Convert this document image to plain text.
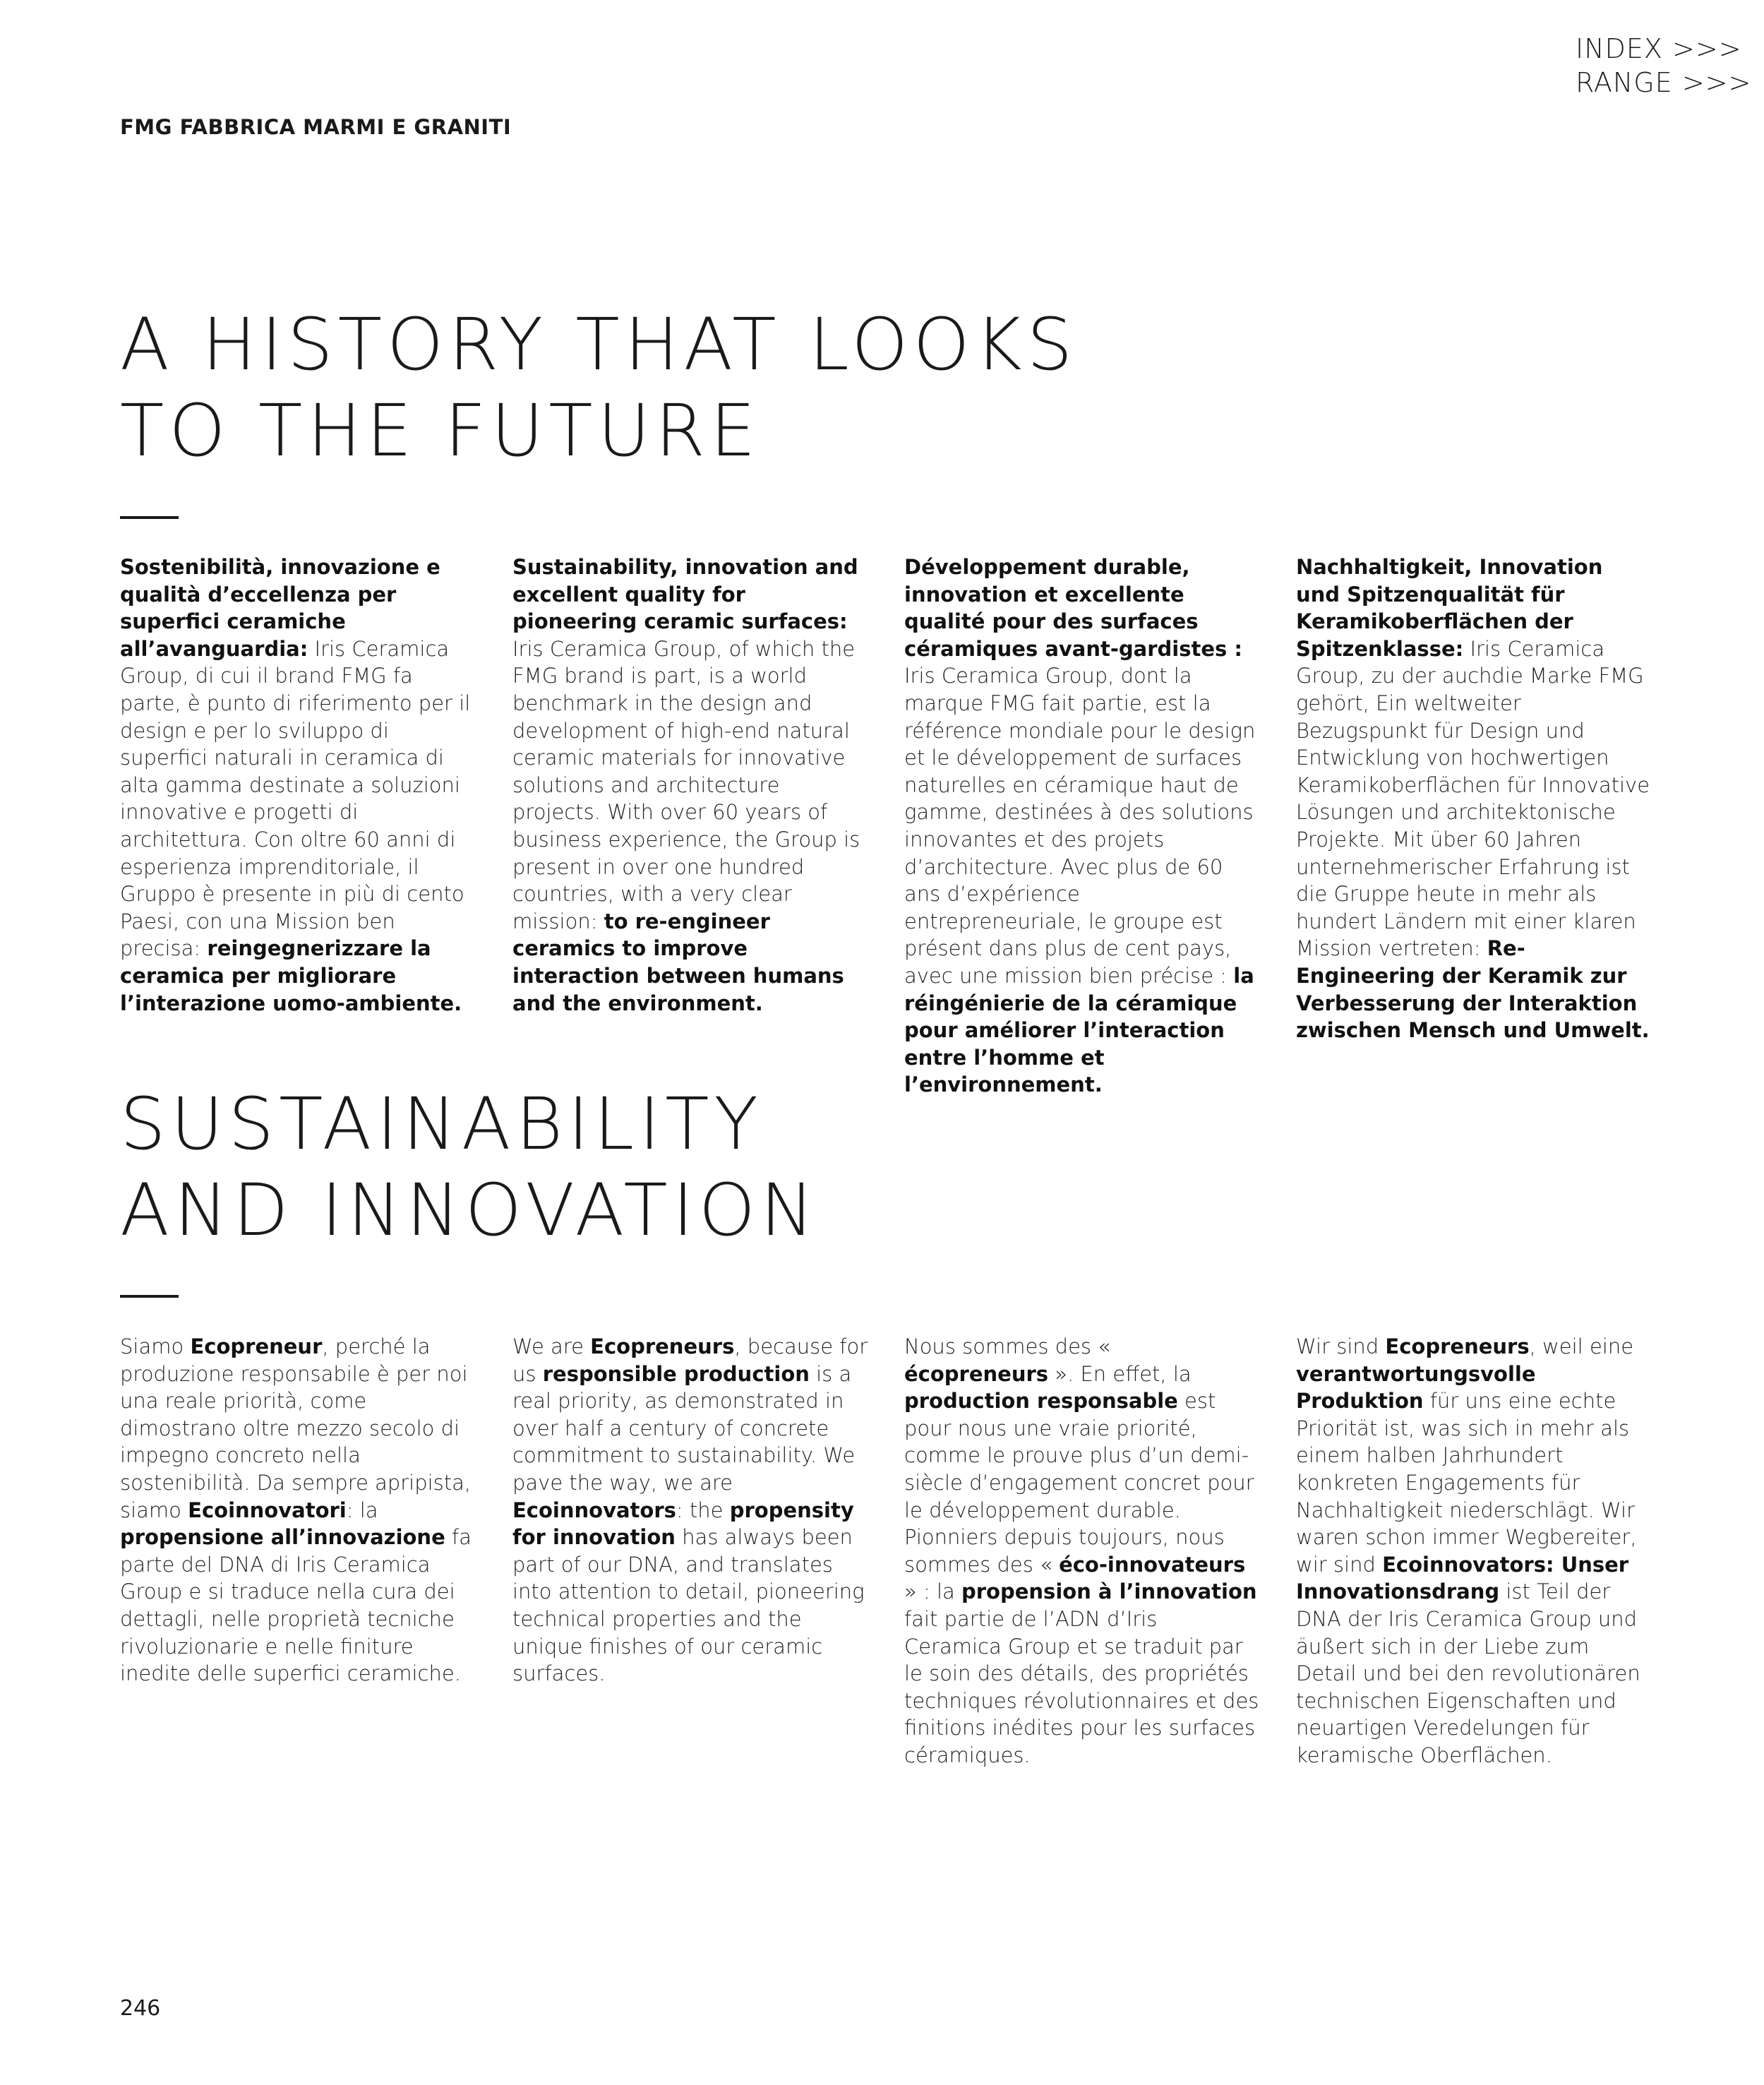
FMG FABBRICA MARMI E GRANITI
INDEX >>>
RANGE >>>
A HISTORY THAT LOOKS
TO THE FUTURE

Sostenibilità, innovazione e qualità d’eccellenza per superfici ceramiche all’avanguardia: Iris Ceramica Group, di cui il brand FMG fa parte, è punto di riferimento per il design e per lo sviluppo di superfici naturali in ceramica di alta gamma destinate a soluzioni innovative e progetti di architettura. Con oltre 60 anni di esperienza imprenditoriale, il Gruppo è presente in più di cento Paesi, con una Mission ben precisa: reingegnerizzare la ceramica per migliorare l’interazione uomo-ambiente.

Sustainability, innovation and excellent quality for pioneering ceramic surfaces: Iris Ceramica Group, of which the FMG brand is part, is a world benchmark in the design and development of high-end natural ceramic materials for innovative solutions and architecture projects. With over 60 years of business experience, the Group is present in over one hundred countries, with a very clear mission: to re-engineer ceramics to improve interaction between humans and the environment.

Développement durable, innovation et excellente qualité pour des surfaces céramiques avant-gardistes : Iris Ceramica Group, dont la marque FMG fait partie, est la référence mondiale pour le design et le développement de surfaces naturelles en céramique haut de gamme, destinées à des solutions innovantes et des projets d’architecture. Avec plus de 60 ans d’expérience entrepreneuriale, le groupe est présent dans plus de cent pays, avec une mission bien précise : la réingénierie de la céramique pour améliorer l’interaction entre l’homme et l’environnement.

Nachhaltigkeit, Innovation und Spitzenqualität für Keramikoberflächen der Spitzenklasse: Iris Ceramica Group, zu der auchdie Marke FMG gehört, Ein weltweiter Bezugspunkt für Design und Entwicklung von hochwertigen Keramikoberflächen für Innovative Lösungen und architektonische Projekte. Mit über 60 Jahren unternehmerischer Erfahrung ist die Gruppe heute in mehr als hundert Ländern mit einer klaren Mission vertreten: Re-Engineering der Keramik zur Verbesserung der Interaktion zwischen Mensch und Umwelt.

SUSTAINABILITY
AND INNOVATION

Siamo Ecopreneur, perché la produzione responsabile è per noi una reale priorità, come dimostrano oltre mezzo secolo di impegno concreto nella sostenibilità. Da sempre apripista, siamo Ecoinnovatori: la propensione all’innovazione fa parte del DNA di Iris Ceramica Group e si traduce nella cura dei dettagli, nelle proprietà tecniche rivoluzionarie e nelle finiture inedite delle superfici ceramiche.

We are Ecopreneurs, because for us responsible production is a real priority, as demonstrated in over half a century of concrete commitment to sustainability. We pave the way, we are Ecoinnovators: the propensity for innovation has always been part of our DNA, and translates into attention to detail, pioneering technical properties and the unique finishes of our ceramic surfaces.

Nous sommes des « écopreneurs ». En effet, la production responsable est pour nous une vraie priorité, comme le prouve plus d’un demi-siècle d’engagement concret pour le développement durable. Pionniers depuis toujours, nous sommes des « éco-innovateurs » : la propension à l’innovation fait partie de l’ADN d’Iris Ceramica Group et se traduit par le soin des détails, des propriétés techniques révolutionnaires et des finitions inédites pour les surfaces céramiques.

Wir sind Ecopreneurs, weil eine verantwortungsvolle Produktion für uns eine echte Priorität ist, was sich in mehr als einem halben Jahrhundert konkreten Engagements für Nachhaltigkeit niederschlägt. Wir waren schon immer Wegbereiter, wir sind Ecoinnovators: Unser Innovationsdrang ist Teil der DNA der Iris Ceramica Group und äußert sich in der Liebe zum Detail und bei den revolutionären technischen Eigenschaften und neuartigen Veredelungen für keramische Oberflächen.

246
